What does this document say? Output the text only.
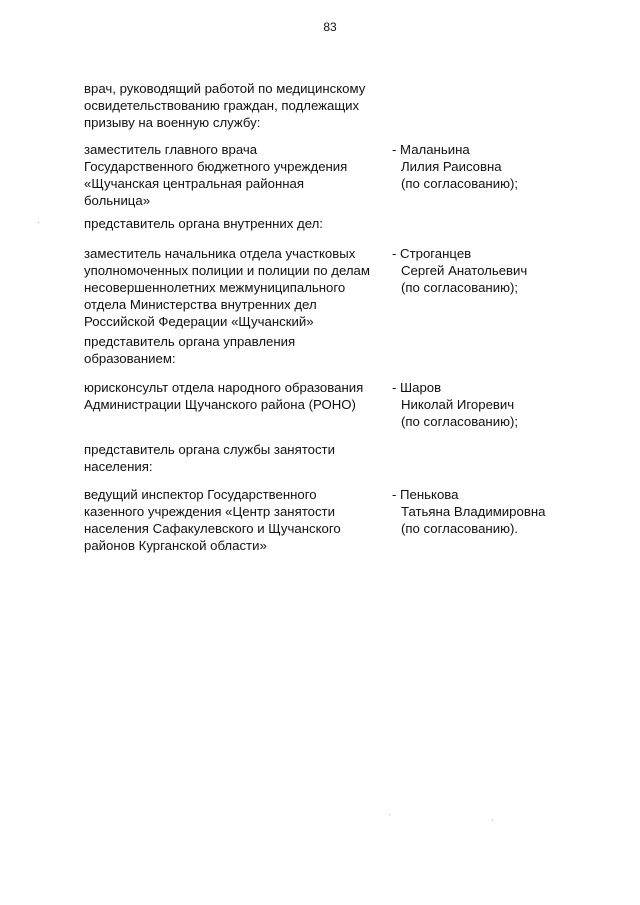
83
врач, руководящий работой по медицинскому
освидетельствованию граждан, подлежащих
призыву на военную службу:
заместитель главного врача
Государственного бюджетного учреждения
«Щучанская центральная районная
больница»
- Маланьина
Лилия Раисовна
(по согласованию);
представитель органа внутренних дел:
заместитель начальника отдела участковых
уполномоченных полиции и полиции по делам
несовершеннолетних межмуниципального
отдела Министерства внутренних дел
Российской Федерации «Щучанский»
- Строганцев
Сергей Анатольевич
(по согласованию);
представитель органа управления
образованием:
юрисконсульт отдела народного образования
Администрации Щучанского района (РОНО)
- Шаров
Николай Игоревич
(по согласованию);
представитель органа службы занятости
населения:
ведущий инспектор Государственного
казенного учреждения «Центр занятости
населения Сафакулевского и Щучанского
районов Курганской области»
- Пенькова
Татьяна Владимировна
(по согласованию).
